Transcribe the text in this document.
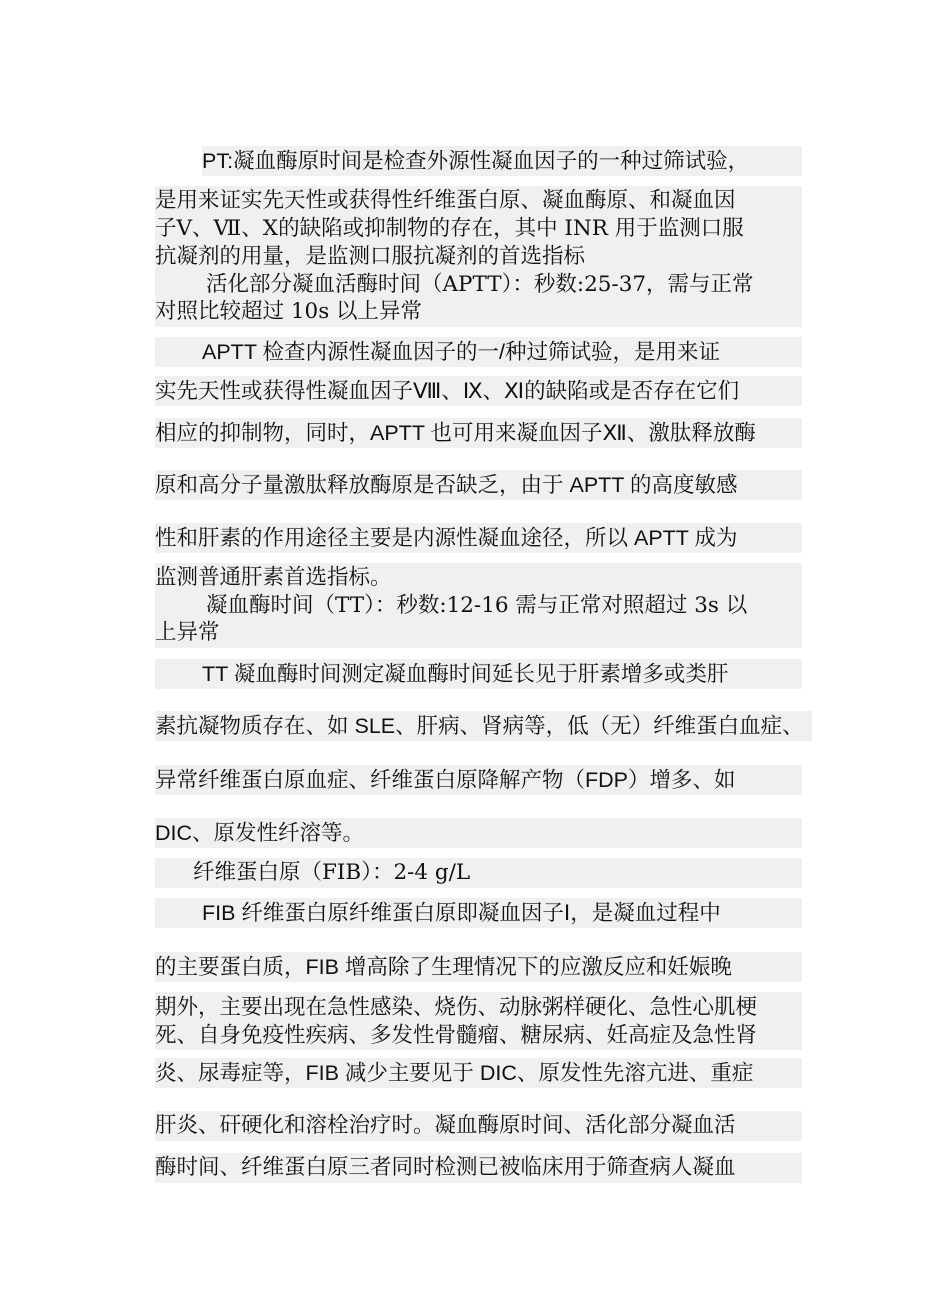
PT:凝血酶原时间是检查外源性凝血因子的一种过筛试验，
是用来证实先天性或获得性纤维蛋白原、凝血酶原、和凝血因
子Ⅴ、Ⅶ、Ⅹ的缺陷或抑制物的存在，其中 INR 用于监测口服
抗凝剂的用量，是监测口服抗凝剂的首选指标
活化部分凝血活酶时间（APTT）：秒数:25-37，需与正常
对照比较超过 10s 以上异常
APTT 检查内源性凝血因子的一/种过筛试验，是用来证
实先天性或获得性凝血因子Ⅷ、Ⅸ、Ⅺ的缺陷或是否存在它们
相应的抑制物，同时，APTT 也可用来凝血因子Ⅻ、激肽释放酶
原和高分子量激肽释放酶原是否缺乏，由于 APTT 的高度敏感
性和肝素的作用途径主要是内源性凝血途径，所以 APTT 成为
监测普通肝素首选指标。
凝血酶时间（TT）：秒数:12-16 需与正常对照超过 3s 以
上异常
TT 凝血酶时间测定凝血酶时间延长见于肝素增多或类肝
素抗凝物质存在、如 SLE、肝病、肾病等，低（无）纤维蛋白血症、
异常纤维蛋白原血症、纤维蛋白原降解产物（FDP）增多、如
DIC、原发性纤溶等。
纤维蛋白原（FIB）：2-4 g/L
FIB 纤维蛋白原纤维蛋白原即凝血因子Ⅰ，是凝血过程中
的主要蛋白质，FIB 增高除了生理情况下的应激反应和妊娠晚
期外，主要出现在急性感染、烧伤、动脉粥样硬化、急性心肌梗
死、自身免疫性疾病、多发性骨髓瘤、糖尿病、妊高症及急性肾
炎、尿毒症等，FIB 减少主要见于 DIC、原发性先溶亢进、重症
肝炎、矸硬化和溶栓治疗时。凝血酶原时间、活化部分凝血活
酶时间、纤维蛋白原三者同时检测已被临床用于筛查病人凝血
